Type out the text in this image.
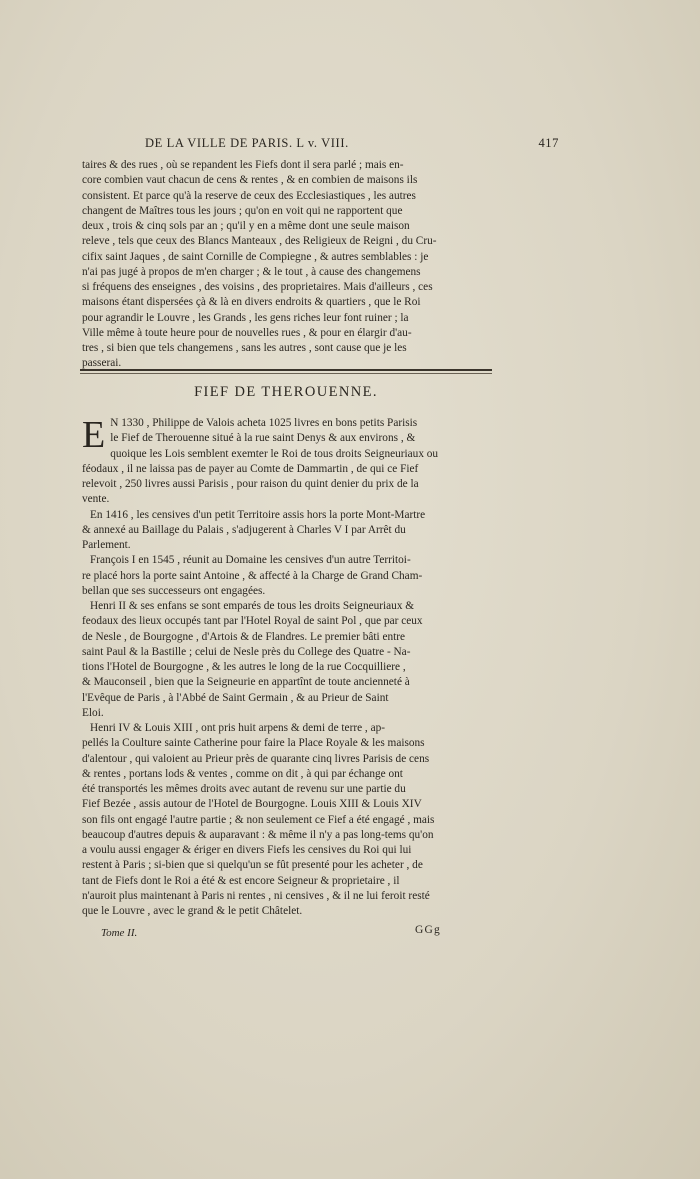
DE LA VILLE DE PARIS. L v. VIII.	417

taires & des rues , où se repandent les Fiefs dont il sera parlé ; mais en-
core combien vaut chacun de cens & rentes , & en combien de maisons ils
consistent. Et parce qu'à la reserve de ceux des Ecclesiastiques , les autres
changent de Maîtres tous les jours ; qu'on en voit qui ne rapportent que
deux , trois & cinq sols par an ; qu'il y en a même dont une seule maison
releve , tels que ceux des Blancs Manteaux , des Religieux de Reigni , du Cru-
cifix saint Jaques , de saint Cornille de Compiegne , & autres semblables : je
n'ai pas jugé à propos de m'en charger ; & le tout , à cause des changemens
si fréquens des enseignes , des voisins , des proprietaires. Mais d'ailleurs , ces
maisons étant dispersées çà & là en divers endroits & quartiers , que le Roi
pour agrandir le Louvre , les Grands , les gens riches leur font ruiner ; la
Ville même à toute heure pour de nouvelles rues , & pour en élargir d'au-
tres , si bien que tels changemens , sans les autres , sont cause que je les
passerai.

FIEF DE THEROUENNE.
E N 1330 , Philippe de Valois acheta 1025 livres en bons petits Parisis
le Fief de Therouenne situé à la rue saint Denys & aux environs , &
quoique les Lois semblent exemter le Roi de tous droits Seigneuriaux ou
féodaux , il ne laissa pas de payer au Comte de Dammartin , de qui ce Fief
relevoit , 250 livres aussi Parisis , pour raison du quint denier du prix de la
vente.

En 1416 , les censives d'un petit Territoire assis hors la porte Mont-Martre
& annexé au Baillage du Palais , s'adjugerent à Charles V I par Arrêt du
Parlement.

François I en 1545 , réunit au Domaine les censives d'un autre Territoi-
re placé hors la porte saint Antoine , & affecté à la Charge de Grand Cham-
bellan que ses successeurs ont engagées.

Henri II & ses enfans se sont emparés de tous les droits Seigneuriaux &
feodaux des lieux occupés tant par l'Hotel Royal de saint Pol , que par ceux
de Nesle , de Bourgogne , d'Artois & de Flandres. Le premier bâti entre
saint Paul & la Bastille ; celui de Nesle près du College des Quatre - Na-
tions l'Hotel de Bourgogne , & les autres le long de la rue Cocquilliere ,
& Mauconseil , bien que la Seigneurie en appartînt de toute ancienneté à
l'Evêque de Paris , à l'Abbé de Saint Germain , & au Prieur de Saint
Eloi.

Henri IV & Louis XIII , ont pris huit arpens & demi de terre , ap-
pellés la Coulture sainte Catherine pour faire la Place Royale & les maisons
d'alentour , qui valoient au Prieur près de quarante cinq livres Parisis de cens
& rentes , portans lods & ventes , comme on dit , à qui par échange ont
été transportés les mêmes droits avec autant de revenu sur une partie du
Fief Bezée , assis autour de l'Hotel de Bourgogne. Louis XIII & Louis XIV
son fils ont engagé l'autre partie ; & non seulement ce Fief a été engagé , mais
beaucoup d'autres depuis & auparavant : & même il n'y a pas long-tems qu'on
a voulu aussi engager & ériger en divers Fiefs les censives du Roi qui lui
restent à Paris ; si-bien que si quelqu'un se fût presenté pour les acheter , de
tant de Fiefs dont le Roi a été & est encore Seigneur & proprietaire , il
n'auroit plus maintenant à Paris ni rentes , ni censives , & il ne lui feroit resté
que le Louvre , avec le grand & le petit Châtelet.

Tome II.	GGg
